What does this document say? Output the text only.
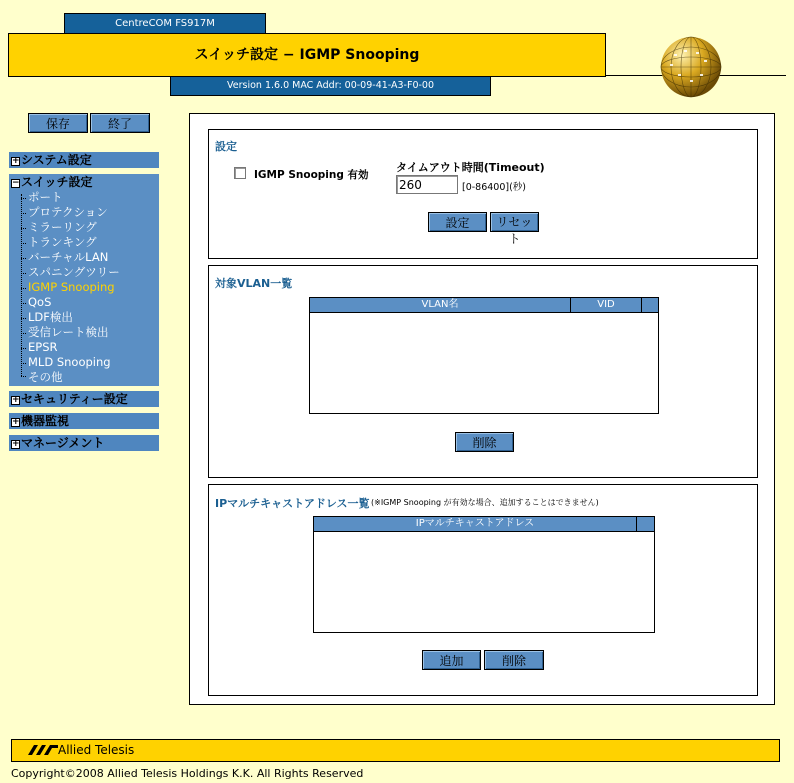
CentreCOM FS917M
スイッチ設定 − IGMP Snooping
Version 1.6.0 MAC Addr: 00-09-41-A3-F0-00
保存	終了
+システム設定
−スイッチ設定
ポート
プロテクション
ミラーリング
トランキング
バーチャルLAN
スパニングツリー
IGMP Snooping
QoS
LDF検出
受信レート検出
EPSR
MLD Snooping
その他
+セキュリティー設定
+機器監視
+マネージメント
設定
IGMP Snooping 有効
タイムアウト時間(Timeout)
260
[0-86400](秒)
設定	リセット
対象VLAN一覧
VLAN名	VID
削除
IPマルチキャストアドレス一覧 (※IGMP Snooping が有効な場合、追加することはできません)
IPマルチキャストアドレス
追加	削除
Allied Telesis
Copyright©2008 Allied Telesis Holdings K.K. All Rights Reserved
